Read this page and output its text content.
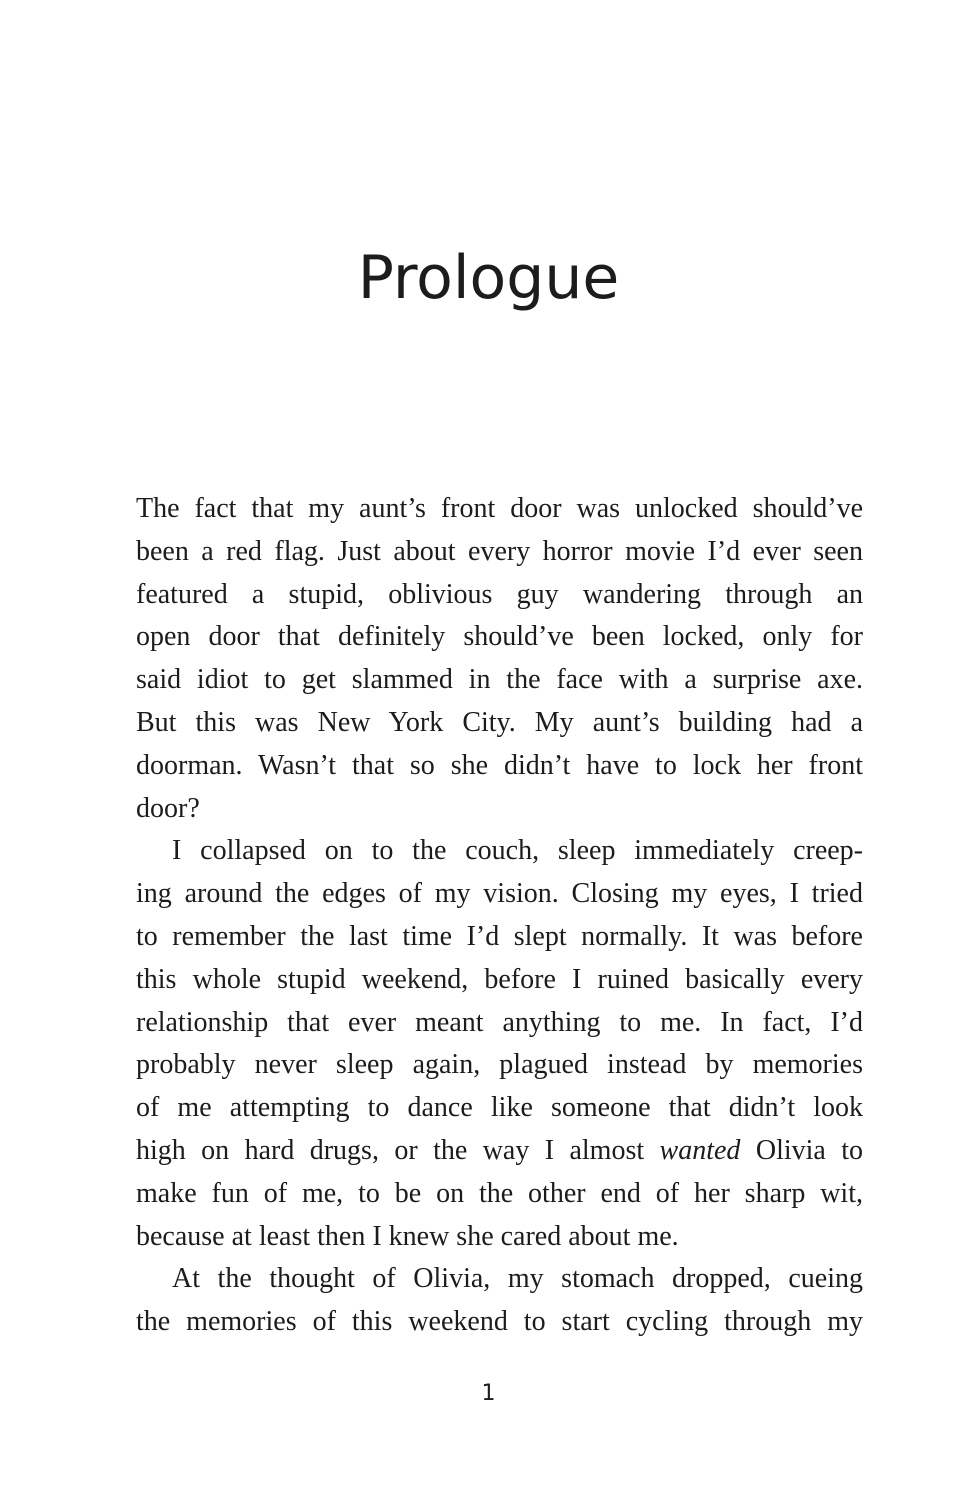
Prologue

The fact that my aunt’s front door was unlocked should’ve
been a red flag. Just about every horror movie I’d ever seen
featured a stupid, oblivious guy wandering through an
open door that definitely should’ve been locked, only for
said idiot to get slammed in the face with a surprise axe.
But this was New York City. My aunt’s building had a
doorman. Wasn’t that so she didn’t have to lock her front
door?

I collapsed on to the couch, sleep immediately creep-
ing around the edges of my vision. Closing my eyes, I tried
to remember the last time I’d slept normally. It was before
this whole stupid weekend, before I ruined basically every
relationship that ever meant anything to me. In fact, I’d
probably never sleep again, plagued instead by memories
of me attempting to dance like someone that didn’t look
high on hard drugs, or the way I almost wanted Olivia to
make fun of me, to be on the other end of her sharp wit,
because at least then I knew she cared about me.

At the thought of Olivia, my stomach dropped, cueing
the memories of this weekend to start cycling through my

1
